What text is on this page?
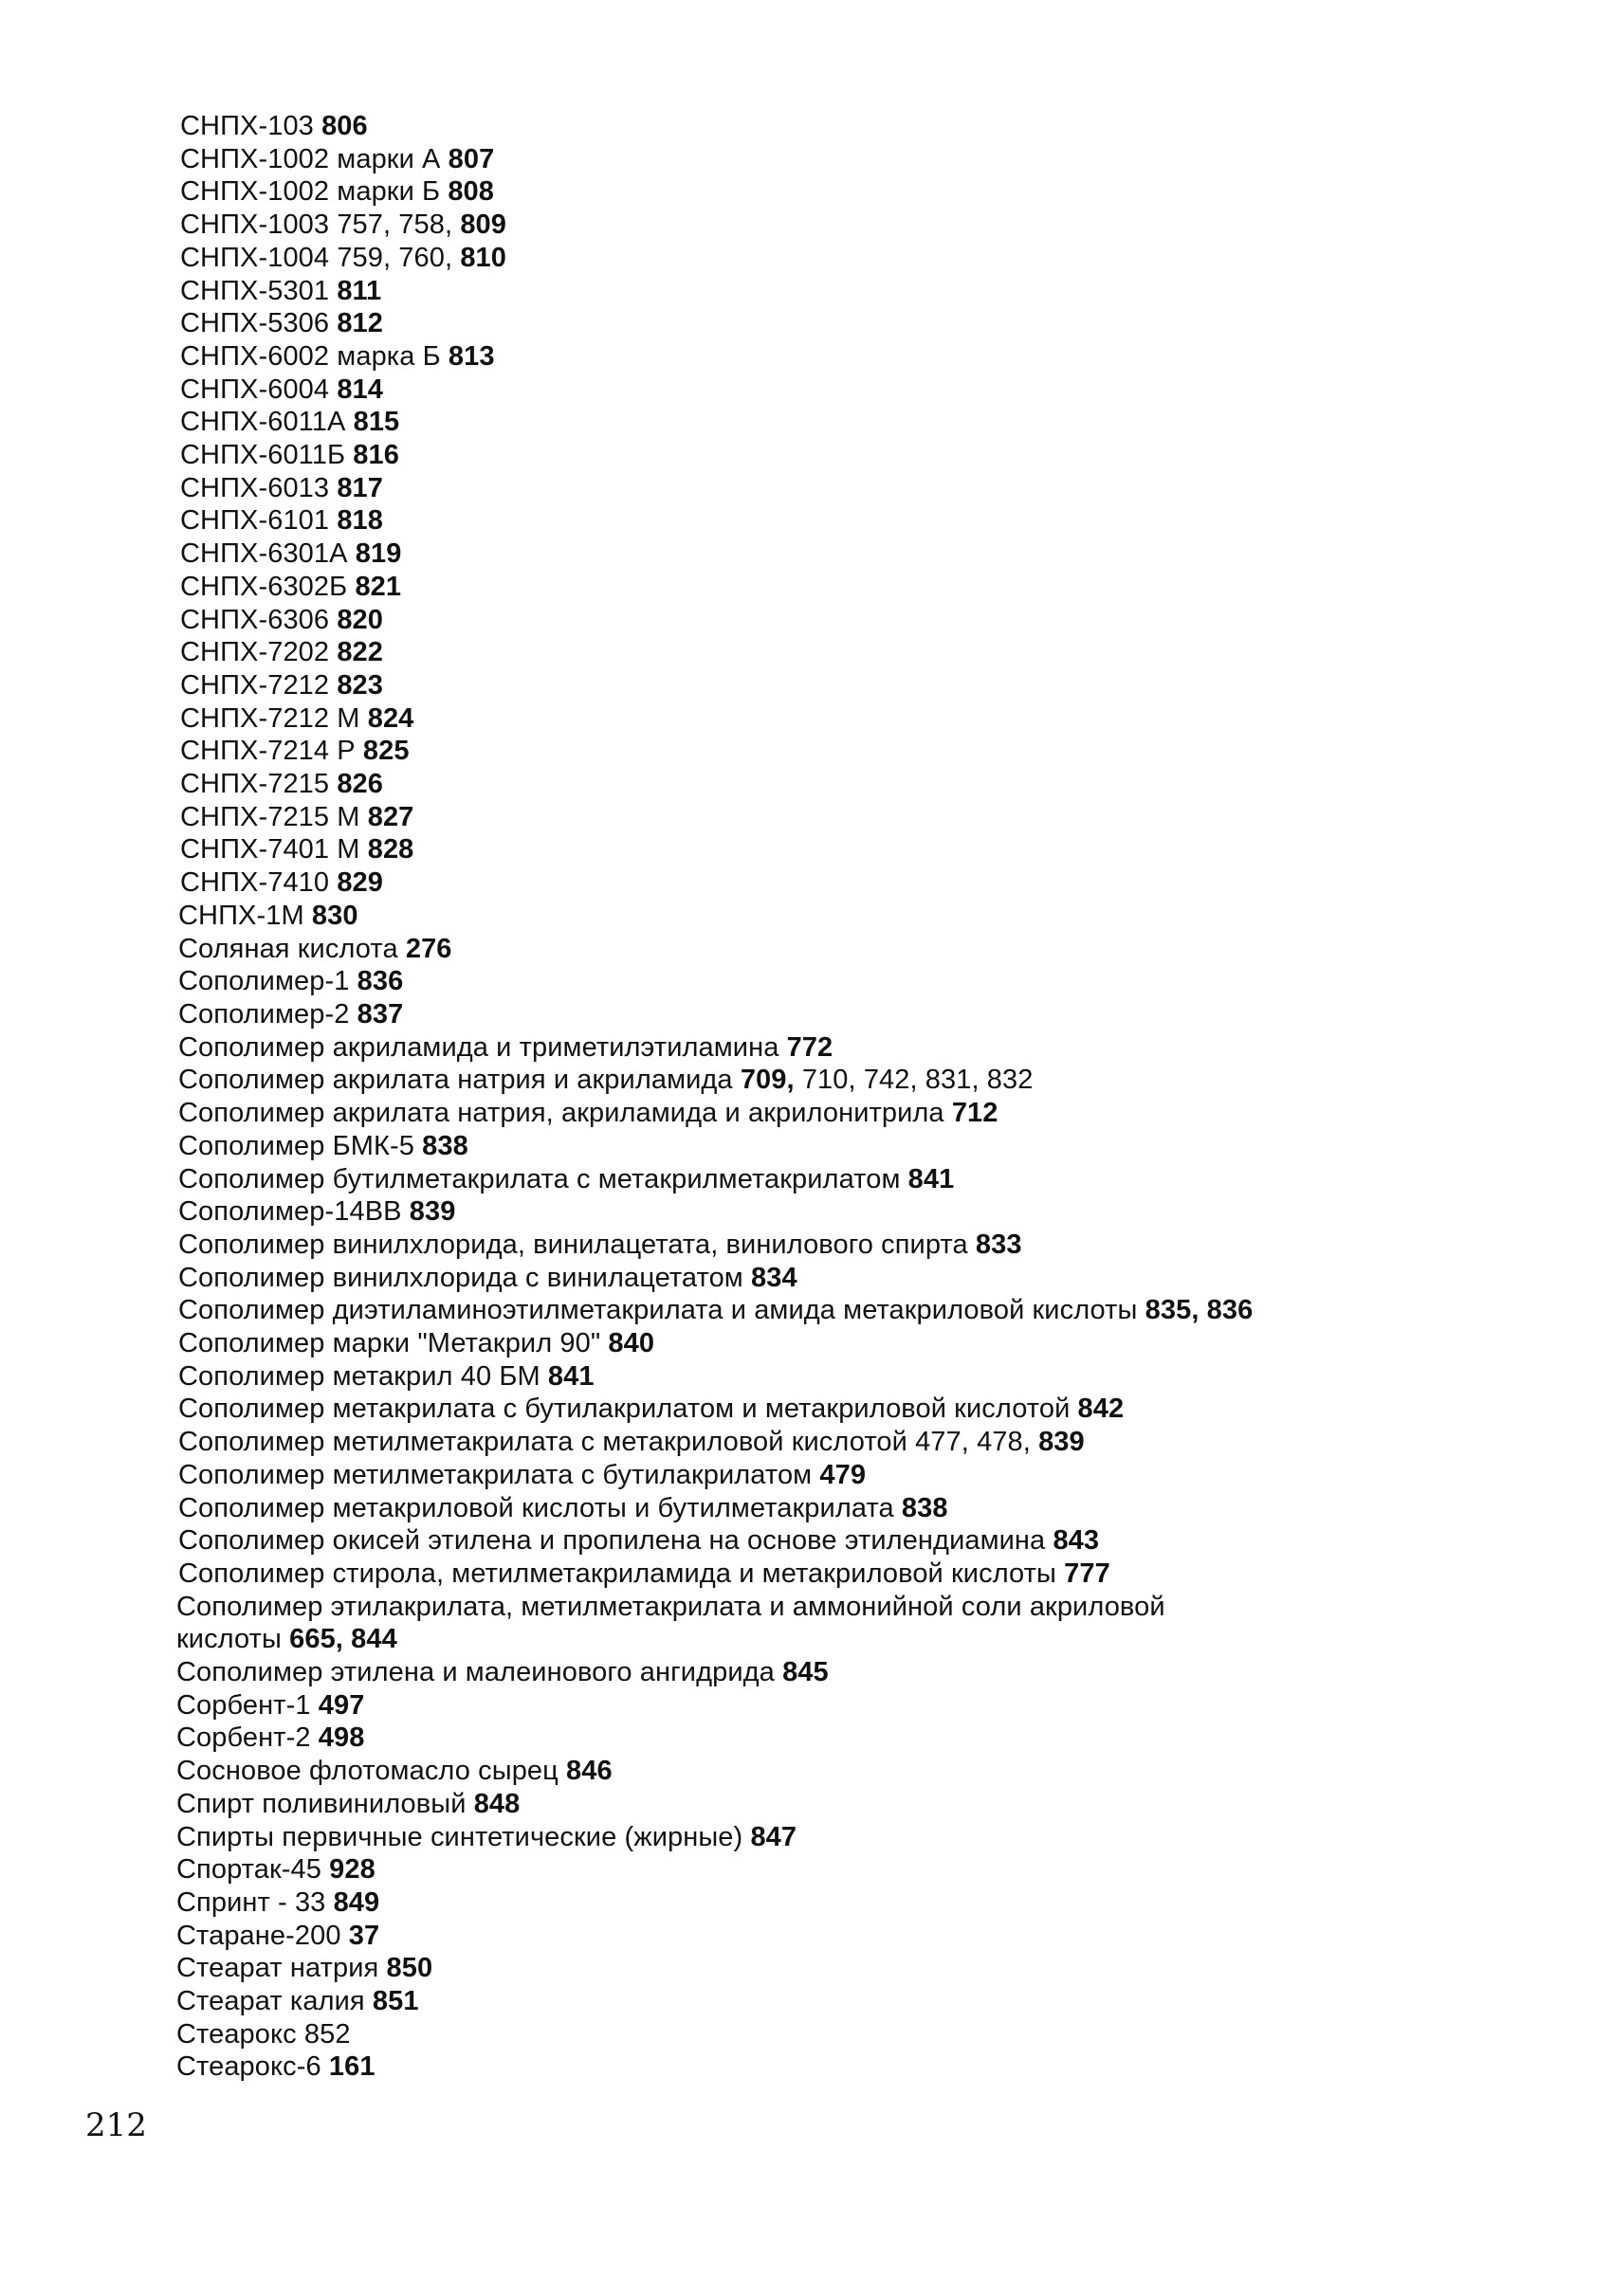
СНПХ-103 806
СНПХ-1002 марки А 807
СНПХ-1002 марки Б 808
СНПХ-1003 757, 758, 809
СНПХ-1004 759, 760, 810
СНПХ-5301 811
СНПХ-5306 812
СНПХ-6002 марка Б 813
СНПХ-6004 814
СНПХ-6011А 815
СНПХ-6011Б 816
СНПХ-6013 817
СНПХ-6101 818
СНПХ-6301А 819
СНПХ-6302Б 821
СНПХ-6306 820
СНПХ-7202 822
СНПХ-7212 823
СНПХ-7212 М 824
СНПХ-7214 Р 825
СНПХ-7215 826
СНПХ-7215 М 827
СНПХ-7401 М 828
СНПХ-7410 829
СНПХ-1М 830
Соляная кислота 276
Сополимер-1 836
Сополимер-2 837
Сополимер акриламида и триметилэтиламина 772
Сополимер акрилата натрия и акриламида 709, 710, 742, 831, 832
Сополимер акрилата натрия, акриламида и акрилонитрила 712
Сополимер БМК-5 838
Сополимер бутилметакрилата с метакрилметакрилатом 841
Сополимер-14ВВ 839
Сополимер винилхлорида, винилацетата, винилового спирта 833
Сополимер винилхлорида с винилацетатом 834
Сополимер диэтиламиноэтилметакрилата и амида метакриловой кислоты 835, 836
Сополимер марки "Метакрил 90" 840
Сополимер метакрил 40 БМ 841
Сополимер метакрилата с бутилакрилатом и метакриловой кислотой 842
Сополимер метилметакрилата с метакриловой кислотой 477, 478, 839
Сополимер метилметакрилата с бутилакрилатом 479
Сополимер метакриловой кислоты и бутилметакрилата 838
Сополимер окисей этилена и пропилена на основе этилендиамина 843
Сополимер стирола, метилметакриламида и метакриловой кислоты 777
Сополимер этилакрилата, метилметакрилата и аммонийной соли акриловой
кислоты 665, 844
Сополимер этилена и малеинового ангидрида 845
Сорбент-1 497
Сорбент-2 498
Сосновое флотомасло сырец 846
Спирт поливиниловый 848
Спирты первичные синтетические (жирные) 847
Спортак-45 928
Спринт - 33 849
Старане-200 37
Стеарат натрия 850
Стеарат калия 851
Стеарокс 852
Стеарокс-6 161
212
